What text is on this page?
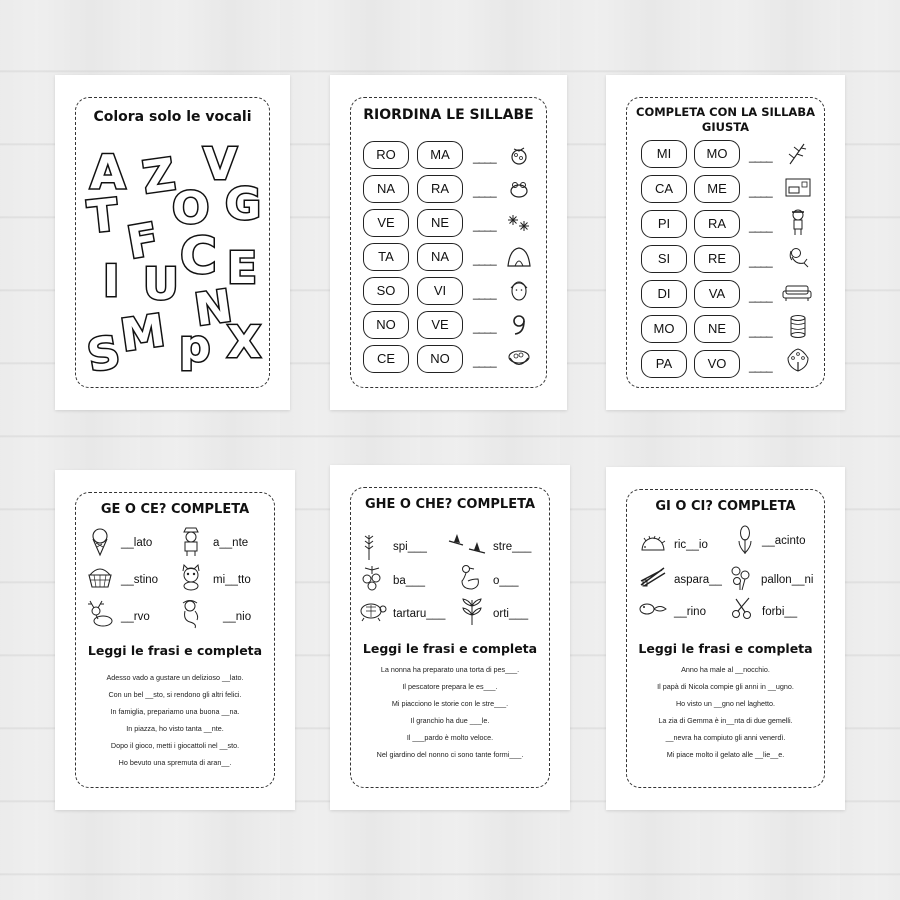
Colora solo le vocali
A Z V
T O G
F C
I U E
N
S
M p X
RIORDINA LE SILLABE
RO	MA	____
NA	RA	____
VE	NE	____
TA	NA	____
SO	VI	____
NO	VE	____
CE	NO	____
COMPLETA CON LA SILLABA
GIUSTA
MI	MO	____
CA	ME	____
PI	RA	____
SI	RE	____
DI	VA	____
MO	NE	____
PA	VO	____
GE O CE? COMPLETA
__lato	a__nte
__stino	mi__tto
__rvo	__nio
Leggi le frasi e completa
Adesso vado a gustare un delizioso __lato.
Con un bel __sto, si rendono gli altri felici.
In famiglia, prepariamo una buona __na.
In piazza, ho visto tanta __nte.
Dopo il gioco, metti i giocattoli nel __sto.
Ho bevuto una spremuta di aran__.
GHE O CHE? COMPLETA
spi___	stre___
ba___	o___
tartaru___	orti___
Leggi le frasi e completa
La nonna ha preparato una torta di pes___.
Il pescatore prepara le es___.
Mi piacciono le storie con le stre___.
Il granchio ha due ___le.
Il ___pardo è molto veloce.
Nel giardino del nonno ci sono tante formi___.
GI O CI? COMPLETA
ric__io	__acinto
aspara__	pallon__ni
__rino	forbi__
Leggi le frasi e completa
Anno ha male al __nocchio.
Il papà di Nicola compie gli anni in __ugno.
Ho visto un __gno nel laghetto.
La zia di Gemma è in__nta di due gemelli.
__nevra ha compiuto gli anni venerdì.
Mi piace molto il gelato alle __lie__e.
